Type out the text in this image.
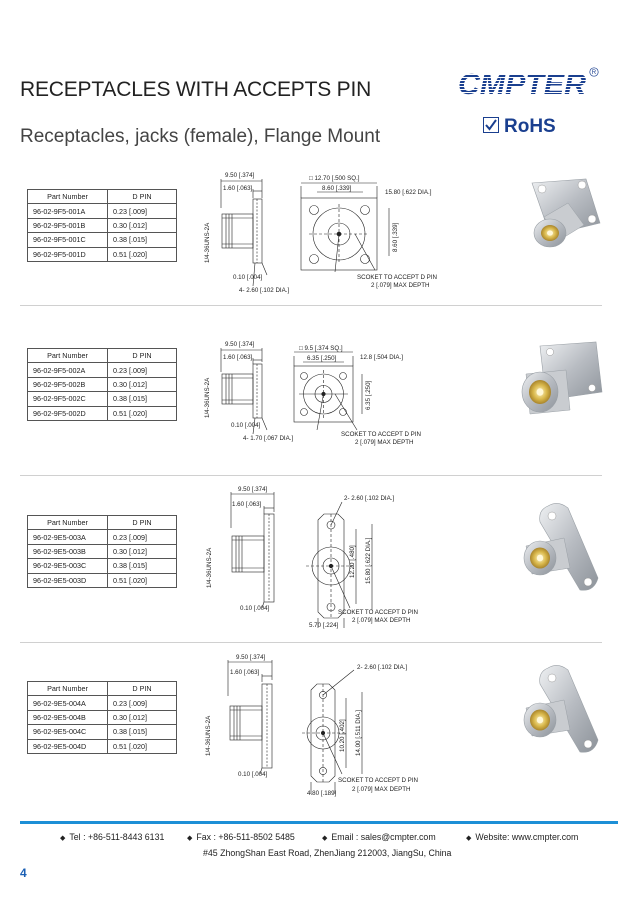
RECEPTACLES WITH ACCEPTS PIN
Receptacles, jacks (female), Flange Mount
CMPTER R
RoHS
Part Number	D PIN
96-02-9F5-001A	0.23 [.009]
96-02-9F5-001B	0.30 [.012]
96-02-9F5-001C	0.38 [.015]
96-02-9F5-001D	0.51 [.020]
9.50 [.374]
1.60 [.063]
1/4-36UNS-2A
0.10 [.004]
4- 2.60 [.102 DIA.]
□ 12.70 [.500 SQ.]
8.60 [.339]
15.80 [.622 DIA.]
8.60 [.339]
SCOKET TO ACCEPT D PIN
2 [.079] MAX DEPTH
Part Number	D PIN
96-02-9F5-002A	0.23 [.009]
96-02-9F5-002B	0.30 [.012]
96-02-9F5-002C	0.38 [.015]
96-02-9F5-002D	0.51 [.020]
9.50 [.374]
1.60 [.063]
1/4-36UNS-2A
0.10 [.004]
4- 1.70 [.067 DIA.]
□ 9.5 [.374 SQ.]
6.35 [.250]	12.8 [.504 DIA.]
6.35 [.250]
SCOKET TO ACCEPT D PIN
2 [.079] MAX DEPTH
Part Number	D PIN
96-02-9E5-003A	0.23 [.009]
96-02-9E5-003B	0.30 [.012]
96-02-9E5-003C	0.38 [.015]
96-02-9E5-003D	0.51 [.020]
9.50 [.374]
1.60 [.063]
1/4-36UNS-2A
0.10 [.004]
2- 2.60 [.102 DIA.]
12.20 [.480] 15.80 [.622 DIA.]
5.70 [.224]
SCOKET TO ACCEPT D PIN
2 [.079] MAX DEPTH
Part Number	D PIN
96-02-9E5-004A	0.23 [.009]
96-02-9E5-004B	0.30 [.012]
96-02-9E5-004C	0.38 [.015]
96-02-9E5-004D	0.51 [.020]
9.50 [.374]
1.60 [.063]
1/4-36UNS-2A
0.10 [.004]
2- 2.60 [.102 DIA.]
10.20 [.402] 14.00 [.511 DIA.]
4.80 [.189]
SCOKET TO ACCEPT D PIN
2 [.079] MAX DEPTH
◆ Tel : +86-511-8443 6131	◆ Fax : +86-511-8502 5485	◆ Email : sales@cmpter.com	◆ Website: www.cmpter.com
#45 ZhongShan East Road, ZhenJiang 212003, JiangSu, China
4
